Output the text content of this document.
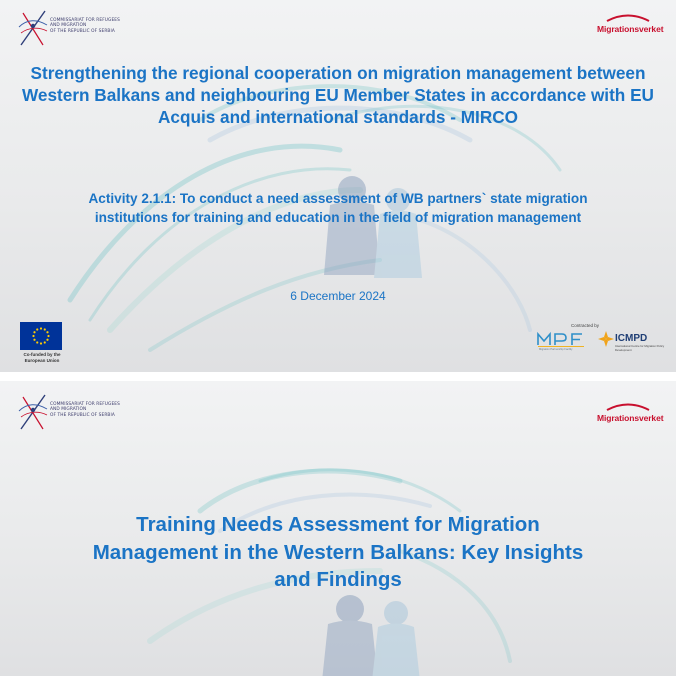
COMMISSARIAT FOR REFUGEES
AND MIGRATION
OF THE REPUBLIC OF SERBIA	Migrationsverket
Strengthening the regional cooperation on migration management between Western Balkans and neighbouring EU Member States in accordance with EU Acquis and international standards - MIRCO
Activity 2.1.1: To conduct a need assessment of WB partners` state migration institutions for training and education in the field of migration management
6 December 2024
Co-funded by the European Union
Contracted by
Migration Partnership Facility
ICMPD
International Centre for Migration Policy Development
COMMISSARIAT FOR REFUGEES
AND MIGRATION
OF THE REPUBLIC OF SERBIA	Migrationsverket
Training Needs Assessment for Migration Management in the Western Balkans: Key Insights and Findings
